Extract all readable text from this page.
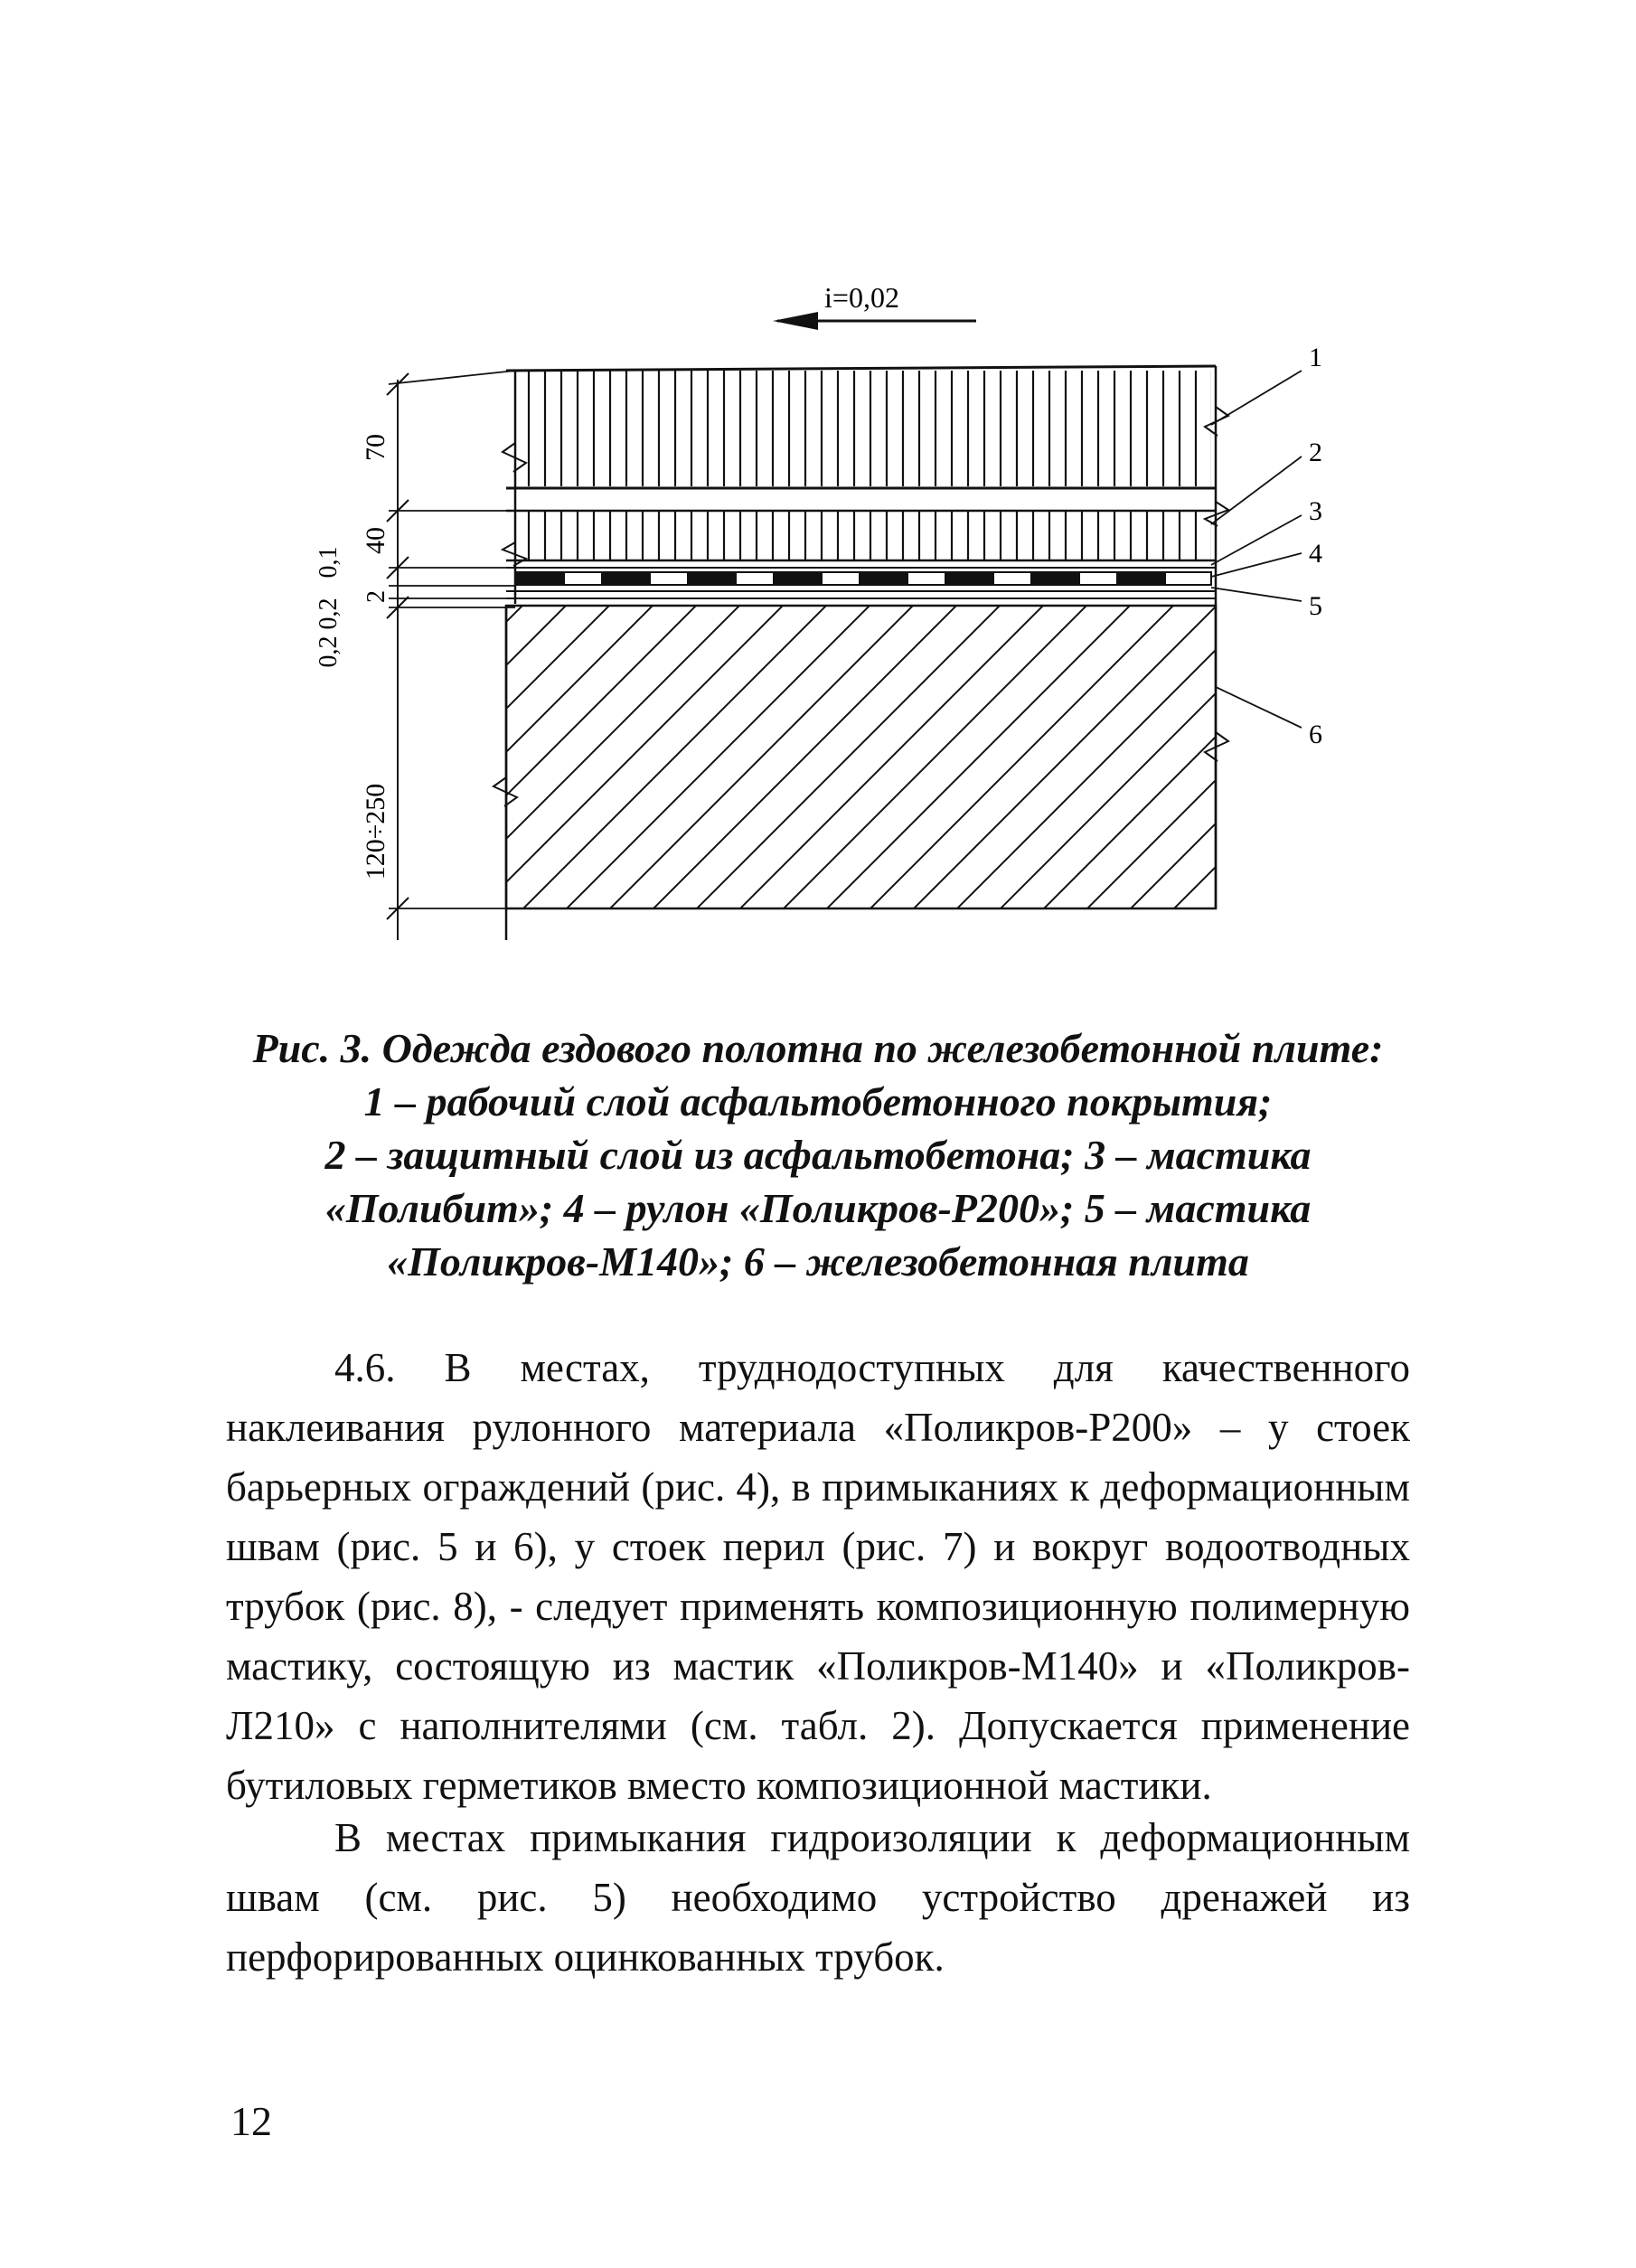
i=0,02
70
40
0,1
2
0,2 0,2
120÷250
1
2
3
4
5
6
Рис. 3. Одежда ездового полотна по железобетонной плите:
1 – рабочий слой асфальтобетонного покрытия;
2 – защитный слой из асфальтобетона; 3 – мастика
«Полибит»; 4 – рулон «Поликров-Р200»; 5 – мастика
«Поликров-М140»; 6 – железобетонная плита
4.6. В местах, труднодоступных для качественного наклеивания рулонного материала «Поликров-Р200» – у стоек барьерных ограждений (рис. 4), в примыканиях к деформационным швам (рис. 5 и 6), у стоек перил (рис. 7) и вокруг водоотводных трубок (рис. 8), - следует применять композиционную полимерную мастику, состоящую из мастик «Поликров-М140» и «Поликров-Л210» с наполнителями (см. табл. 2). Допускается применение бутиловых герметиков вместо композиционной мастики.
В местах примыкания гидроизоляции к деформационным швам (см. рис. 5) необходимо устройство дренажей из перфорированных оцинкованных трубок.
12
